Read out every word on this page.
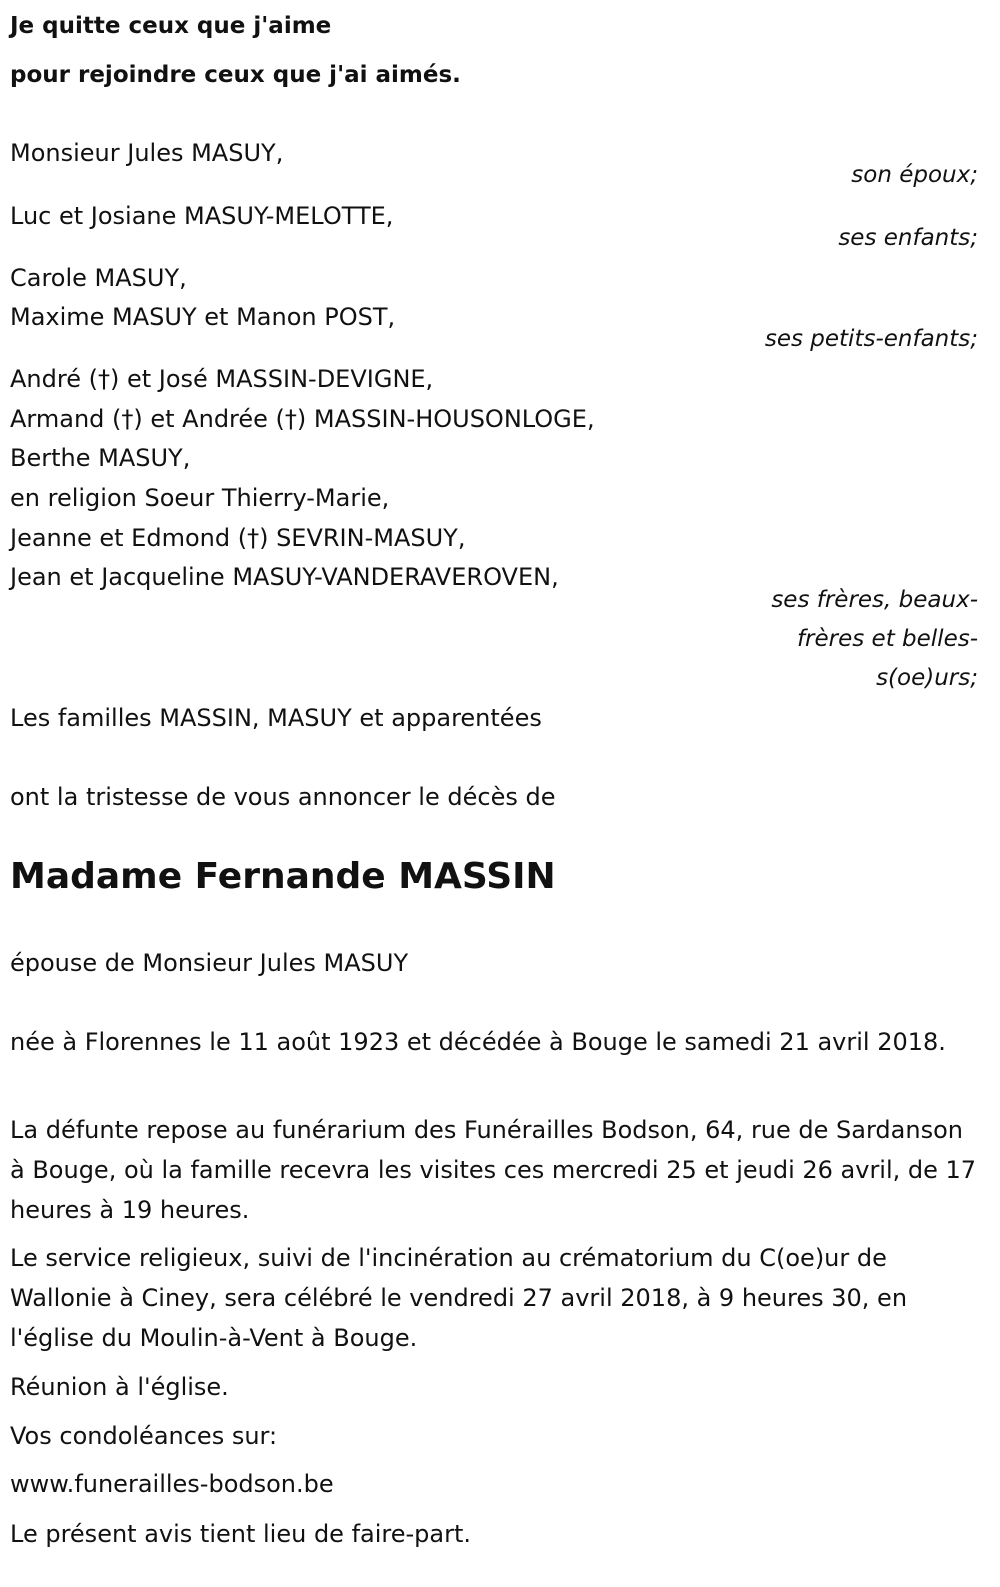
Je quitte ceux que j'aime
pour rejoindre ceux que j'ai aimés.
Monsieur Jules MASUY,
son époux;
Luc et Josiane MASUY-MELOTTE,
ses enfants;
Carole MASUY,
Maxime MASUY et Manon POST,
ses petits-enfants;
André (†) et José MASSIN-DEVIGNE,
Armand (†) et Andrée (†) MASSIN-HOUSONLOGE,
Berthe MASUY,
en religion Soeur Thierry-Marie,
Jeanne et Edmond (†) SEVRIN-MASUY,
Jean et Jacqueline MASUY-VANDERAVEROVEN,
ses frères, beaux-
frères et belles-
s(oe)urs;
Les familles MASSIN, MASUY et apparentées
ont la tristesse de vous annoncer le décès de
Madame Fernande MASSIN
épouse de Monsieur Jules MASUY
née à Florennes le 11 août 1923 et décédée à Bouge le samedi 21 avril 2018.
La défunte repose au funérarium des Funérailles Bodson, 64, rue de Sardanson à Bouge, où la famille recevra les visites ces mercredi 25 et jeudi 26 avril, de 17 heures à 19 heures.
Le service religieux, suivi de l'incinération au crématorium du C(oe)ur de Wallonie à Ciney, sera célébré le vendredi 27 avril 2018, à 9 heures 30, en l'église du Moulin-à-Vent à Bouge.
Réunion à l'église.
Vos condoléances sur:
www.funerailles-bodson.be
Le présent avis tient lieu de faire-part.
